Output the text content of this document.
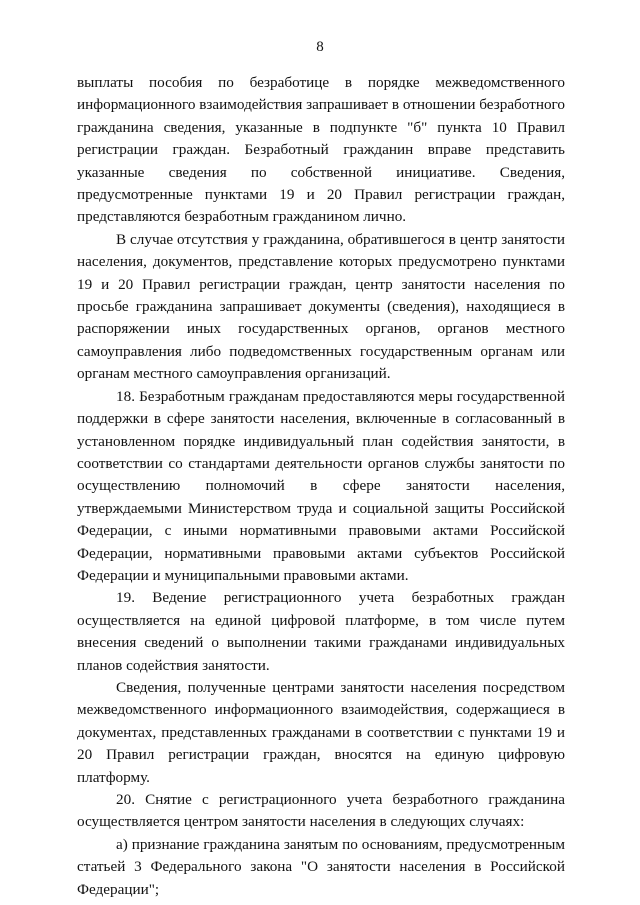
8

выплаты пособия по безработице в порядке межведомственного информационного взаимодействия запрашивает в отношении безработного гражданина сведения, указанные в подпункте "б" пункта 10 Правил регистрации граждан. Безработный гражданин вправе представить указанные сведения по собственной инициативе. Сведения, предусмотренные пунктами 19 и 20 Правил регистрации граждан, представляются безработным гражданином лично.

В случае отсутствия у гражданина, обратившегося в центр занятости населения, документов, представление которых предусмотрено пунктами 19 и 20 Правил регистрации граждан, центр занятости населения по просьбе гражданина запрашивает документы (сведения), находящиеся в распоряжении иных государственных органов, органов местного самоуправления либо подведомственных государственным органам или органам местного самоуправления организаций.

18. Безработным гражданам предоставляются меры государственной поддержки в сфере занятости населения, включенные в согласованный в установленном порядке индивидуальный план содействия занятости, в соответствии со стандартами деятельности органов службы занятости по осуществлению полномочий в сфере занятости населения, утверждаемыми Министерством труда и социальной защиты Российской Федерации, с иными нормативными правовыми актами Российской Федерации, нормативными правовыми актами субъектов Российской Федерации и муниципальными правовыми актами.

19. Ведение регистрационного учета безработных граждан осуществляется на единой цифровой платформе, в том числе путем внесения сведений о выполнении такими гражданами индивидуальных планов содействия занятости.

Сведения, полученные центрами занятости населения посредством межведомственного информационного взаимодействия, содержащиеся в документах, представленных гражданами в соответствии с пунктами 19 и 20 Правил регистрации граждан, вносятся на единую цифровую платформу.

20. Снятие с регистрационного учета безработного гражданина осуществляется центром занятости населения в следующих случаях:

а) признание гражданина занятым по основаниям, предусмотренным статьей 3 Федерального закона "О занятости населения в Российской Федерации";
